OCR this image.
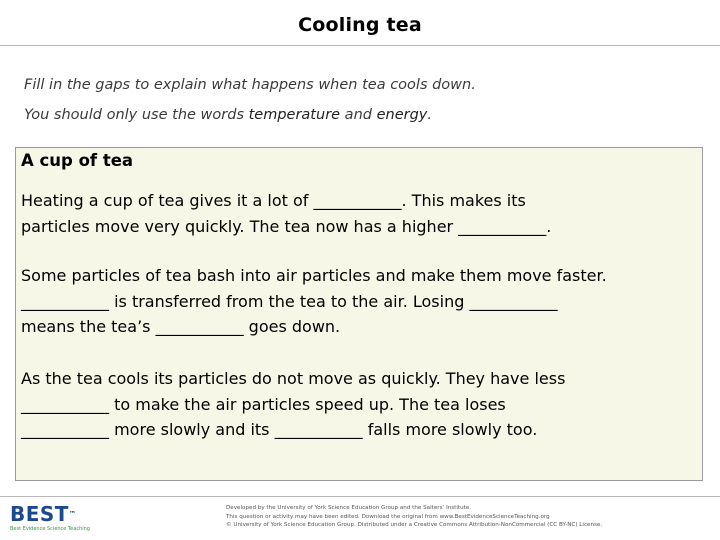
Cooling tea
Fill in the gaps to explain what happens when tea cools down.
You should only use the words temperature and energy.
A cup of tea
Heating a cup of tea gives it a lot of ___________. This makes its
particles move very quickly. The tea now has a higher ___________.
Some particles of tea bash into air particles and make them move faster.
___________ is transferred from the tea to the air. Losing ___________
means the tea’s ___________ goes down.
As the tea cools its particles do not move as quickly. They have less
___________ to make the air particles speed up. The tea loses
___________ more slowly and its ___________ falls more slowly too.
BEST™
Best Evidence Science Teaching
Developed by the University of York Science Education Group and the Salters’ Institute.
This question or activity may have been edited. Download the original from www.BestEvidenceScienceTeaching.org
© University of York Science Education Group. Distributed under a Creative Commons Attribution-NonCommercial (CC BY-NC) License.
